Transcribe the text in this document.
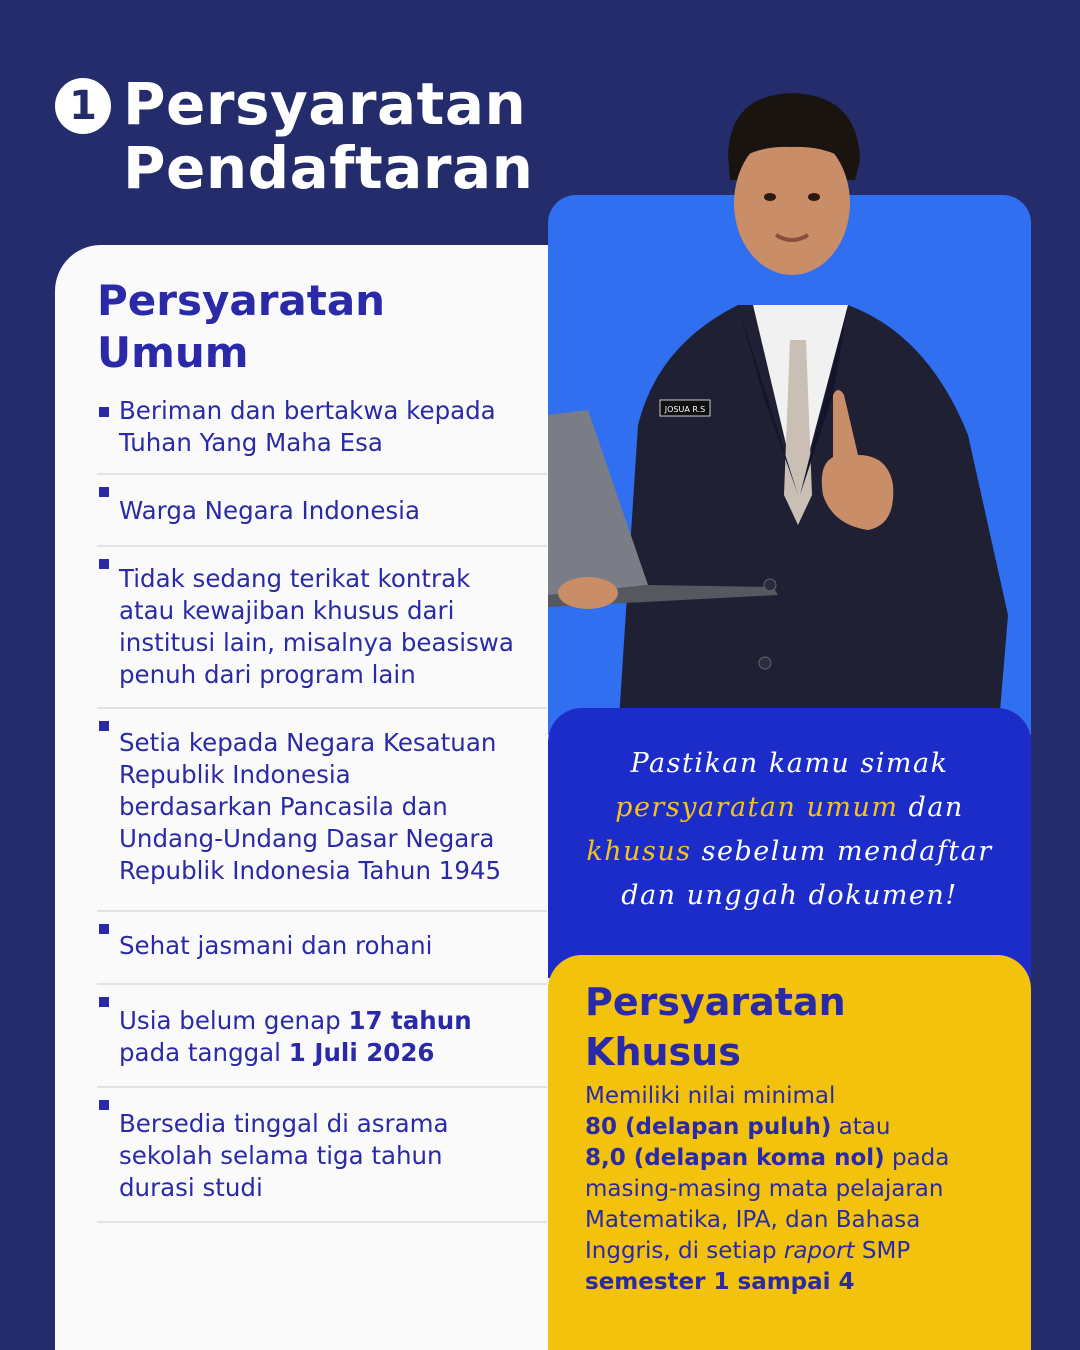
1 Persyaratan
Pendaftaran
Persyaratan
Umum
Beriman dan bertakwa kepada
Tuhan Yang Maha Esa
Warga Negara Indonesia
Tidak sedang terikat kontrak
atau kewajiban khusus dari
institusi lain, misalnya beasiswa
penuh dari program lain
Setia kepada Negara Kesatuan
Republik Indonesia
berdasarkan Pancasila dan
Undang-Undang Dasar Negara
Republik Indonesia Tahun 1945
Sehat jasmani dan rohani
Usia belum genap 17 tahun
pada tanggal 1 Juli 2026
Bersedia tinggal di asrama
sekolah selama tiga tahun
durasi studi
JOSUA R.S
Pastikan kamu simak
persyaratan umum dan
khusus sebelum mendaftar
dan unggah dokumen!
Persyaratan
Khusus
Memiliki nilai minimal
80 (delapan puluh) atau
8,0 (delapan koma nol) pada
masing-masing mata pelajaran
Matematika, IPA, dan Bahasa
Inggris, di setiap raport SMP
semester 1 sampai 4
